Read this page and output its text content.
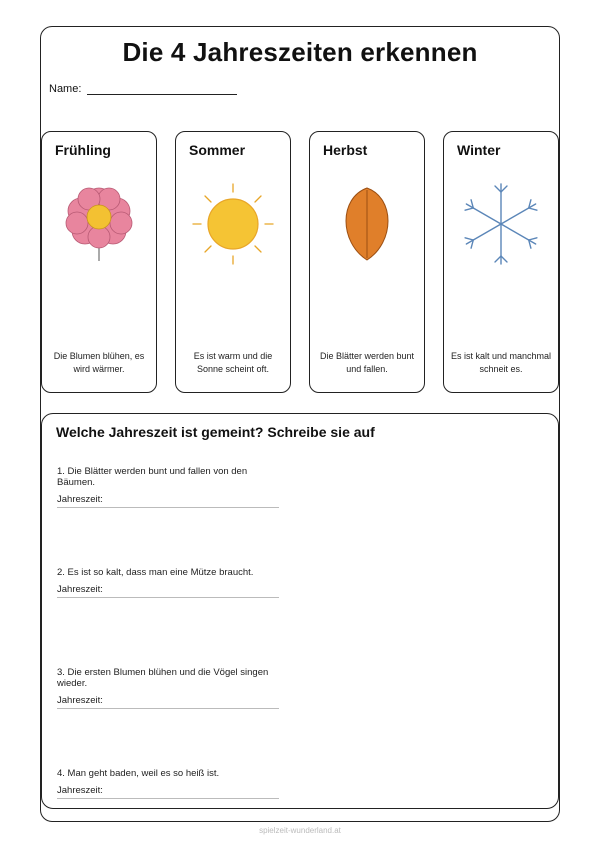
Die 4 Jahreszeiten erkennen
Name:
Frühling
Die Blumen blühen, es wird wärmer.
Sommer
Es ist warm und die Sonne scheint oft.
Herbst
Die Blätter werden bunt und fallen.
Winter
Es ist kalt und manchmal schneit es.
Welche Jahreszeit ist gemeint? Schreibe sie auf
1. Die Blätter werden bunt und fallen von den Bäumen.
Jahreszeit:
2. Es ist so kalt, dass man eine Mütze braucht.
Jahreszeit:
3. Die ersten Blumen blühen und die Vögel singen wieder.
Jahreszeit:
4. Man geht baden, weil es so heiß ist.
Jahreszeit:
spielzeit-wunderland.at
